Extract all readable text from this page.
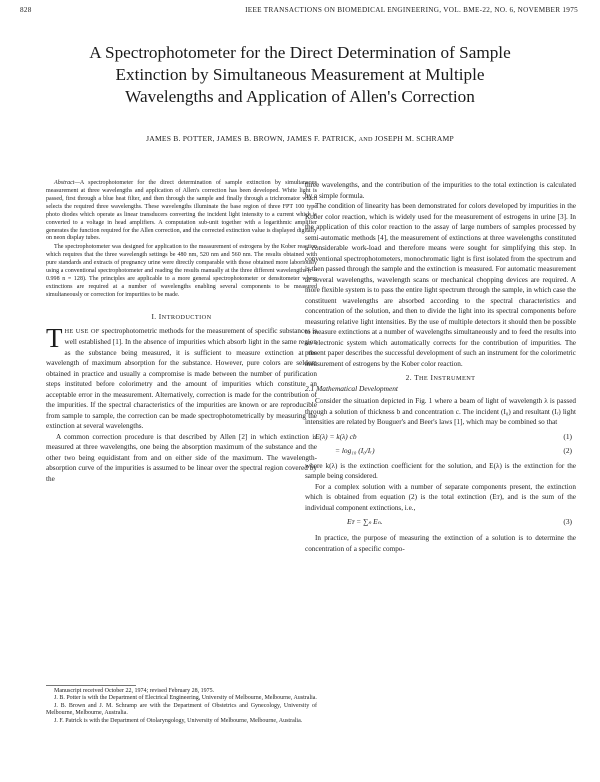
828	IEEE TRANSACTIONS ON BIOMEDICAL ENGINEERING, VOL. BME-22, NO. 6, NOVEMBER 1975
A Spectrophotometer for the Direct Determination of Sample
Extinction by Simultaneous Measurement at Multiple
Wavelengths and Application of Allen's Correction
JAMES B. POTTER, JAMES B. BROWN, JAMES F. PATRICK, AND JOSEPH M. SCHRAMP

Abstract—A spectrophotometer for the direct determination of sample extinction by simultaneous measurement at three wavelengths and application of Allen's correction has been developed. White light is passed, first through a blue heat filter, and then through the sample and finally through a trichromator which selects the required three wavelengths. These wavelengths illuminate the base region of three FPT 100 type photo diodes which operate as linear transducers converting the incident light intensity to a current which is converted to a voltage in head amplifiers. A computation sub-unit together with a logarithmic amplifier generates the function required for the Allen correction, and the corrected extinction value is displayed digitally on neon display tubes.

The spectrophotometer was designed for application to the measurement of estrogens by the Kober reaction which requires that the three wavelength settings be 480 nm, 520 nm and 560 nm. The results obtained with pure standards and extracts of pregnancy urine were directly comparable with those obtained more laboriously using a conventional spectrophotometer and reading the results manually at the three different wavelengths (r = 0.998 n = 128). The principles are applicable to a more general spectrophotometer or densitometer where extinctions are required at a number of wavelengths enabling several components to be measured simultaneously or correction for impurities to be made.

I. INTRODUCTION

THE USE OF spectrophotometric methods for the measurement of specific substances is well established [1]. In the absence of impurities which absorb light in the same region as the substance being measured, it is sufficient to measure extinction at the wavelength of maximum absorption for the substance. However, pure colors are seldom obtained in practice and usually a compromise is made between the number of purification steps instituted before colorimetry and the amount of impurities which constitute an acceptable error in the measurement. Alternatively, correction is made for the contribution of the impurities. If the spectral characteristics of the impurities are known or are reproducible from sample to sample, the correction can be made spectrophotometrically by measuring the extinction at several wavelengths.

A common correction procedure is that described by Allen [2] in which extinction is measured at three wavelengths, one being the absorption maximum of the substance and the other two being equidistant from and on either side of the maximum. The wavelength-absorption curve of the impurities is assumed to be linear over the spectral region covered by the

Manuscript received October 22, 1974; revised February 28, 1975.

J. B. Potter is with the Department of Electrical Engineering, University of Melbourne, Melbourne, Australia.

J. B. Brown and J. M. Schramp are with the Department of Obstetrics and Gynecology, University of Melbourne, Melbourne, Australia.

J. F. Patrick is with the Department of Otolaryngology, University of Melbourne, Melbourne, Australia.

three wavelengths, and the contribution of the impurities to the total extinction is calculated by a simple formula.

The condition of linearity has been demonstrated for colors developed by impurities in the Kober color reaction, which is widely used for the measurement of estrogens in urine [3]. In the application of this color reaction to the assay of large numbers of samples processed by semi-automatic methods [4], the measurement of extinctions at three wavelengths constituted a considerable work-load and therefore means were sought for simplifying this step. In conventional spectrophotometers, monochromatic light is first isolated from the spectrum and is then passed through the sample and the extinction is measured. For automatic measurement at several wavelengths, wavelength scans or mechanical chopping devices are required. A more flexible system is to pass the entire light spectrum through the sample, in which case the constituent wavelengths are absorbed according to the spectral characteristics and concentration of the solution, and then to divide the light into its spectral components before measuring relative light intensities. By the use of multiple detectors it should then be possible to measure extinctions at a number of wavelengths simultaneously and to feed the results into an electronic system which automatically corrects for the contribution of impurities. The present paper describes the successful development of such an instrument for the colorimetric measurement of estrogens by the Kober color reaction.

2. THE INSTRUMENT
2.1 Mathematical Development

Consider the situation depicted in Fig. 1 where a beam of light of wavelength λ is passed through a solution of thickness b and concentration c. The incident (I₀) and resultant (Iᵣ) light intensities are related by Bouguer's and Beer's laws [1], which may be combined so that

E(λ) = k(λ) cb	(1)
= log₁₀ (I₀/Iᵣ)	(2)

where k(λ) is the extinction coefficient for the solution, and E(λ) is the extinction for the sample being considered.

For a complex solution with a number of separate components present, the extinction which is obtained from equation (2) is the total extinction (Eᴛ), and is the sum of the individual component extinctions, i.e.,

Eᴛ = ∑ₙ Eₙ.	(3)

In practice, the purpose of measuring the extinction of a solution is to determine the concentration of a specific compo-
